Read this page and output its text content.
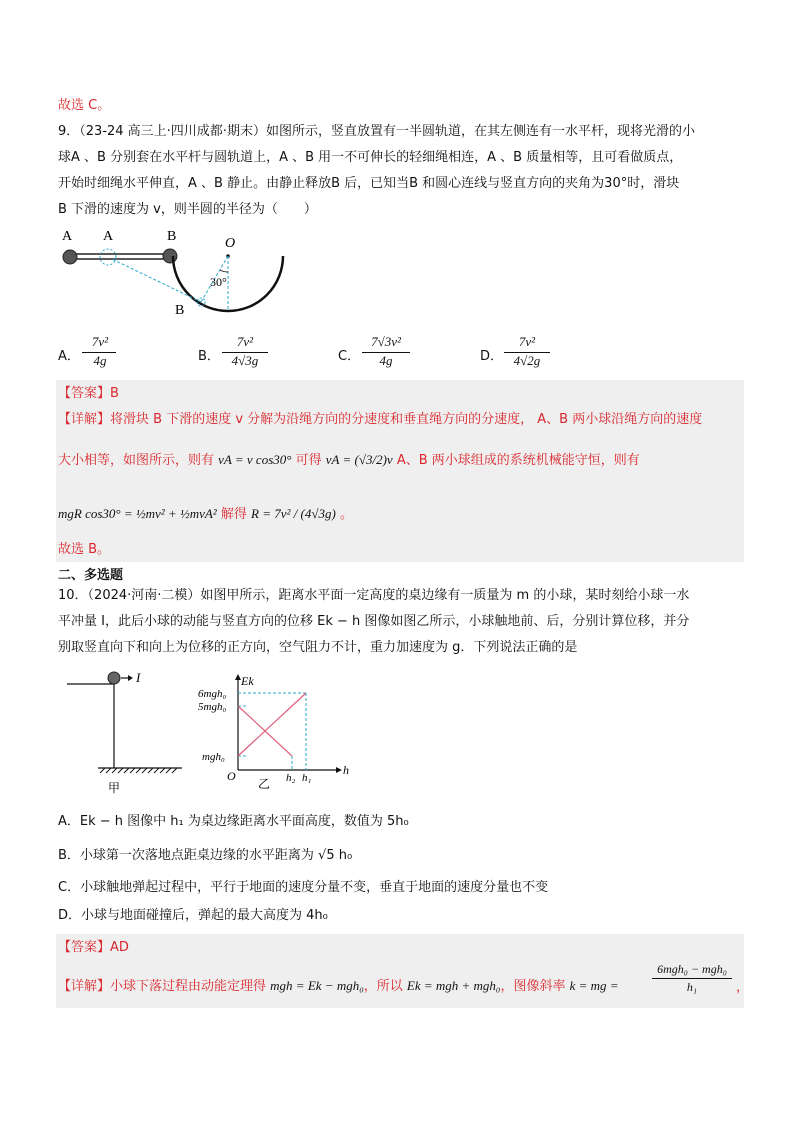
故选 C。
9．（23-24 高三上·四川成都·期末）如图所示，竖直放置有一半圆轨道，在其左侧连有一水平杆，现将光滑的小
球A 、B 分别套在水平杆与圆轨道上，A 、B 用一不可伸长的轻细绳相连，A 、B 质量相等，且可看做质点，
开始时细绳水平伸直，A 、B 静止。由静止释放B 后，已知当B 和圆心连线与竖直方向的夹角为30°时，滑块
B 下滑的速度为 v，则半圆的半径为（　　）
A A	B	O
30°
B
A．
7v²
4g	B．
7v²
4√3g	C．
7√3v²
4g	D．
7v²
4√2g
【答案】B
【详解】将滑块 B 下滑的速度 v 分解为沿绳方向的分速度和垂直绳方向的分速度， A、B 两小球沿绳方向的速度
大小相等，如图所示，则有 vA = v cos30° 可得 vA = (√3/2)v A、B 两小球组成的系统机械能守恒，则有
mgR cos30° = ½mv² + ½mvA² 解得 R = 7v² / (4√3g) 。
故选 B。
二、多选题
10．（2024·河南·二模）如图甲所示，距离水平面一定高度的桌边缘有一质量为 m 的小球，某时刻给小球一水
平冲量 I，此后小球的动能与竖直方向的位移 Ek − h 图像如图乙所示，小球触地前、后，分别计算位移，并分
别取竖直向下和向上为位移的正方向，空气阻力不计，重力加速度为 g．下列说法正确的是
I
甲
Ek
h
O
6mgh₀
5mgh₀
mgh₀
h₂ h₁
乙
A．Ek − h 图像中 h₁ 为桌边缘距离水平面高度，数值为 5h₀
B．小球第一次落地点距桌边缘的水平距离为 √5 h₀
C．小球触地弹起过程中，平行于地面的速度分量不变，垂直于地面的速度分量也不变
D．小球与地面碰撞后，弹起的最大高度为 4h₀
【答案】AD
【详解】小球下落过程由动能定理得 mgh = Ek − mgh₀，所以 Ek = mgh + mgh₀，图像斜率 k = mg =
6mgh₀ − mgh₀
h₁	，
